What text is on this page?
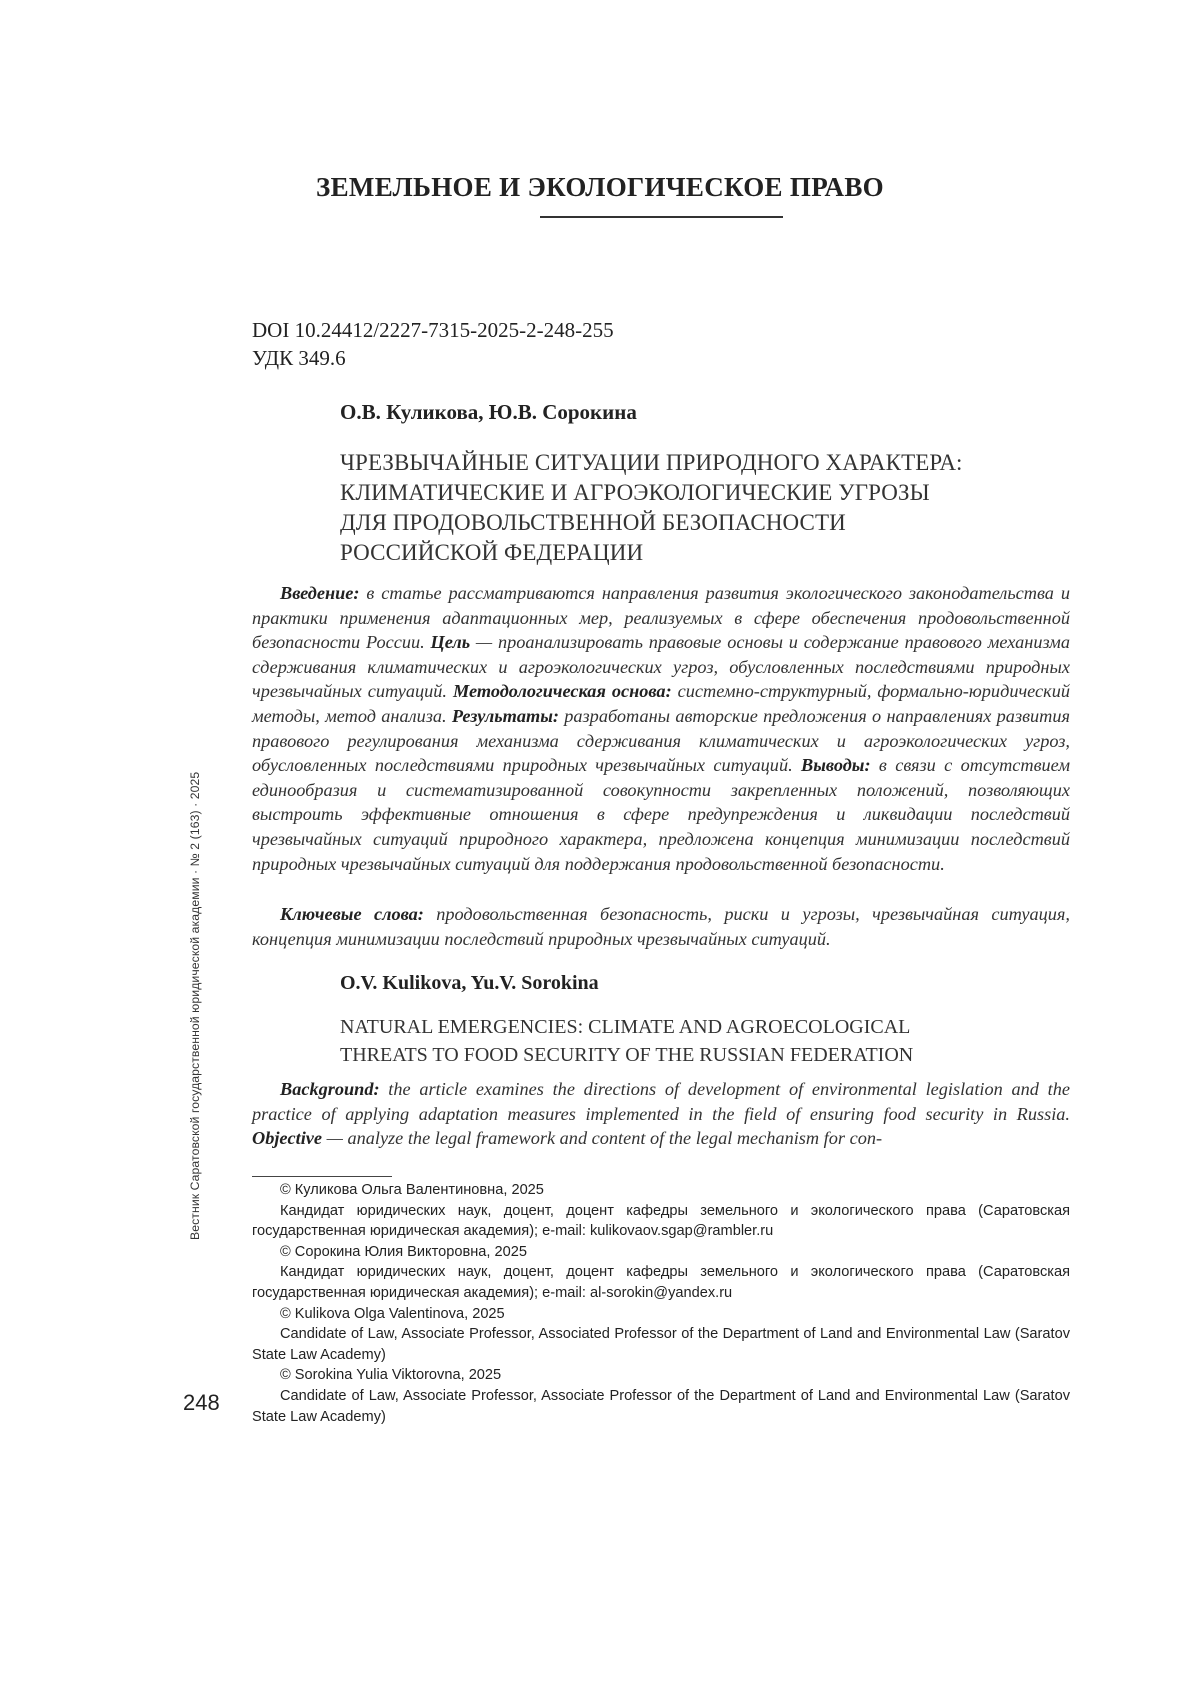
ЗЕМЕЛЬНОЕ И ЭКОЛОГИЧЕСКОЕ ПРАВО
DOI 10.24412/2227-7315-2025-2-248-255
УДК 349.6
О.В. Куликова, Ю.В. Сорокина
ЧРЕЗВЫЧАЙНЫЕ СИТУАЦИИ ПРИРОДНОГО ХАРАКТЕРА:
КЛИМАТИЧЕСКИЕ И АГРОЭКОЛОГИЧЕСКИЕ УГРОЗЫ
ДЛЯ ПРОДОВОЛЬСТВЕННОЙ БЕЗОПАСНОСТИ
РОССИЙСКОЙ ФЕДЕРАЦИИ

Введение: в статье рассматриваются направления развития экологического законодательства и практики применения адаптационных мер, реализуемых в сфере обеспечения продовольственной безопасности России. Цель — проанализировать правовые основы и содержание правового механизма сдерживания климатических и агроэкологических угроз, обусловленных последствиями природных чрезвычайных ситуаций. Методологическая основа: системно-структурный, формально-юридический методы, метод анализа. Результаты: разработаны авторские предложения о направлениях развития правового регулирования механизма сдерживания климатических и агроэкологических угроз, обусловленных последствиями природных чрезвычайных ситуаций. Выводы: в связи с отсутствием единообразия и систематизированной совокупности закрепленных положений, позволяющих выстроить эффективные отношения в сфере предупреждения и ликвидации последствий чрезвычайных ситуаций природного характера, предложена концепция минимизации последствий природных чрезвычайных ситуаций для поддержания продовольственной безопасности.

Ключевые слова: продовольственная безопасность, риски и угрозы, чрезвычайная ситуация, концепция минимизации последствий природных чрезвычайных ситуаций.

O.V. Kulikova, Yu.V. Sorokina
NATURAL EMERGENCIES: CLIMATE AND AGROECOLOGICAL
THREATS TO FOOD SECURITY OF THE RUSSIAN FEDERATION

Background: the article examines the directions of development of environmental legislation and the practice of applying adaptation measures implemented in the field of ensuring food security in Russia. Objective — analyze the legal framework and content of the legal mechanism for con-

© Куликова Ольга Валентиновна, 2025

Кандидат юридических наук, доцент, доцент кафедры земельного и экологического права (Саратовская государственная юридическая академия); e-mail: kulikovaov.sgap@rambler.ru

© Сорокина Юлия Викторовна, 2025

Кандидат юридических наук, доцент, доцент кафедры земельного и экологического права (Саратовская государственная юридическая академия); e-mail: al-sorokin@yandex.ru

© Kulikova Olga Valentinova, 2025

Candidate of Law, Associate Professor, Associated Professor of the Department of Land and Environmental Law (Saratov State Law Academy)

© Sorokina Yulia Viktorovna, 2025

Candidate of Law, Associate Professor, Associate Professor of the Department of Land and Environmental Law (Saratov State Law Academy)

248
Вестник Саратовской государственной юридической академии · № 2 (163) · 2025
